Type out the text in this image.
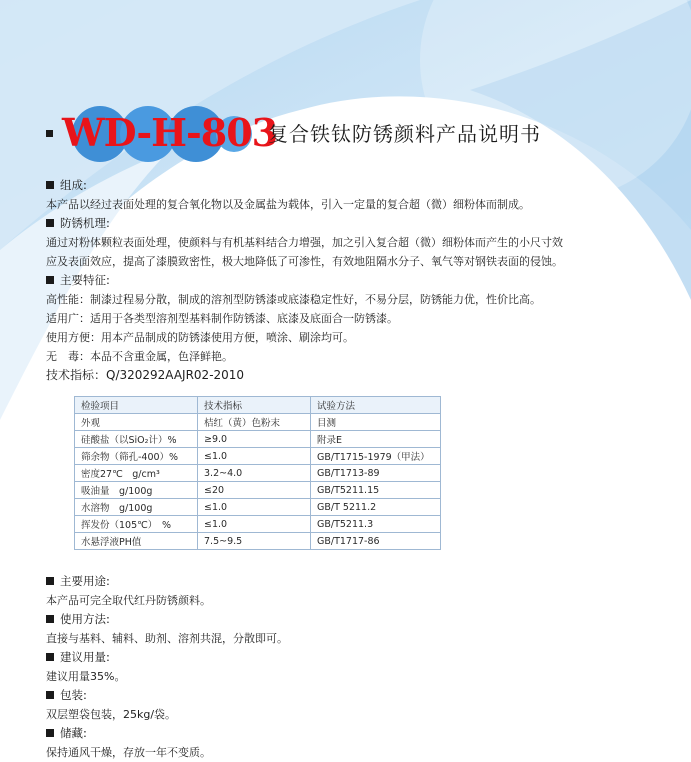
WD-H-803
复合铁钛防锈颜料产品说明书
组成:
本产品以经过表面处理的复合氧化物以及金属盐为载体，引入一定量的复合超（微）细粉体而制成。
防锈机理:
通过对粉体颗粒表面处理，使颜料与有机基料结合力增强，加之引入复合超（微）细粉体而产生的小尺寸效
应及表面效应，提高了漆膜致密性，极大地降低了可渗性，有效地阻隔水分子、氧气等对钢铁表面的侵蚀。
主要特征:
高性能：制漆过程易分散，制成的溶剂型防锈漆或底漆稳定性好，不易分层，防锈能力优，性价比高。
适用广：适用于各类型溶剂型基料制作防锈漆、底漆及底面合一防锈漆。
使用方便：用本产品制成的防锈漆使用方便，喷涂、刷涂均可。
无　毒：本品不含重金属，色泽鲜艳。
技术指标：Q/320292AAJR02-2010
检验项目	技术指标	试验方法
外观	桔红（黄）色粉末	目测
硅酸盐（以SiO₂计）%	≥9.0	附录E
筛余物（筛孔-400）%	≤1.0	GB/T1715-1979（甲法）
密度27℃　g/cm³	3.2~4.0	GB/T1713-89
吸油量　g/100g	≤20	GB/T5211.15
水溶物　g/100g	≤1.0	GB/T 5211.2
挥发份（105℃）　%	≤1.0	GB/T5211.3
水悬浮液PH值	7.5~9.5	GB/T1717-86
主要用途:
本产品可完全取代红丹防锈颜料。
使用方法:
直接与基料、辅料、助剂、溶剂共混，分散即可。
建议用量:
建议用量35%。
包装:
双层塑袋包装，25kg/袋。
储藏:
保持通风干燥，存放一年不变质。
